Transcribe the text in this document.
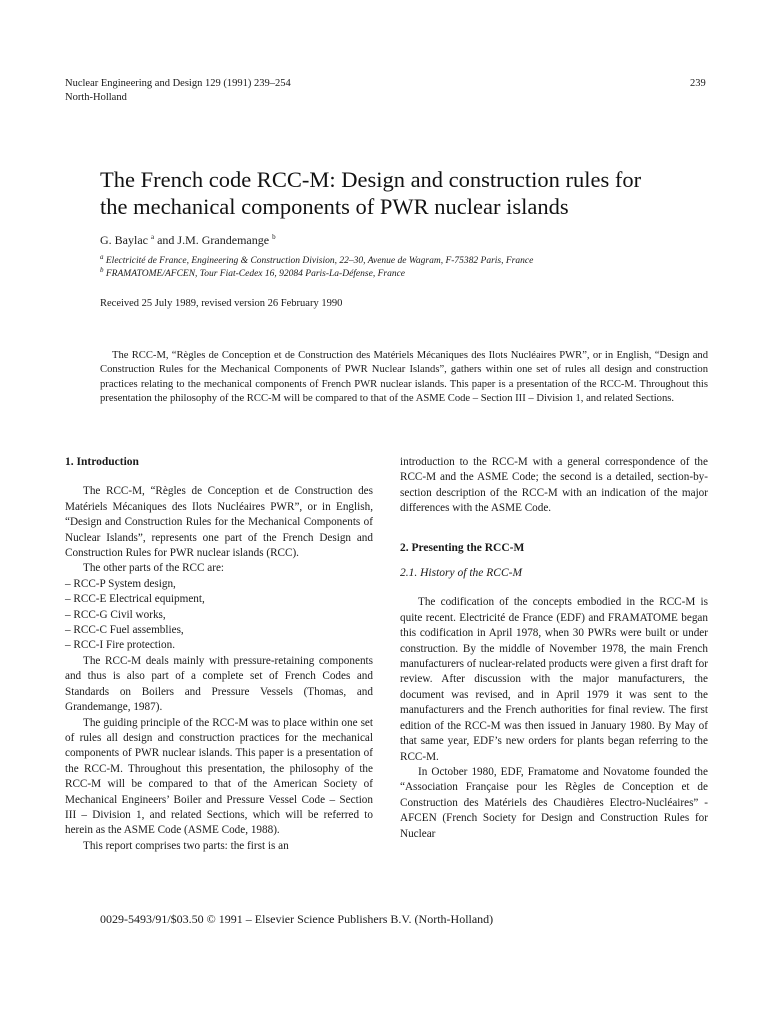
Nuclear Engineering and Design 129 (1991) 239–254
North-Holland
239
The French code RCC-M: Design and construction rules for the mechanical components of PWR nuclear islands
G. Baylac $^a$ and J.M. Grandemange $^b$
$^a$ Electricité de France, Engineering & Construction Division, 22–30, Avenue de Wagram, F-75382 Paris, France
$^b$ FRAMATOME/AFCEN, Tour Fiat-Cedex 16, 92084 Paris-La-Défense, France
Received 25 July 1989, revised version 26 February 1990
The RCC-M, “Règles de Conception et de Construction des Matériels Mécaniques des Ilots Nucléaires PWR”, or in English, “Design and Construction Rules for the Mechanical Components of PWR Nuclear Islands”, gathers within one set of rules all design and construction practices relating to the mechanical components of French PWR nuclear islands. This paper is a presentation of the RCC-M. Throughout this presentation the philosophy of the RCC-M will be compared to that of the ASME Code – Section III – Division 1, and related Sections.
1. Introduction

The RCC-M, “Règles de Conception et de Construction des Matériels Mécaniques des Ilots Nucléaires PWR”, or in English, “Design and Construction Rules for the Mechanical Components of Nuclear Islands”, represents one part of the French Design and Construction Rules for PWR nuclear islands (RCC).

The other parts of the RCC are:

– RCC-P System design,
– RCC-E Electrical equipment,
– RCC-G Civil works,
– RCC-C Fuel assemblies,
– RCC-I Fire protection.

The RCC-M deals mainly with pressure-retaining components and thus is also part of a complete set of French Codes and Standards on Boilers and Pressure Vessels (Thomas, and Grandemange, 1987).

The guiding principle of the RCC-M was to place within one set of rules all design and construction practices for the mechanical components of PWR nuclear islands. This paper is a presentation of the RCC-M. Throughout this presentation, the philosophy of the RCC-M will be compared to that of the American Society of Mechanical Engineers’ Boiler and Pressure Vessel Code – Section III – Division 1, and related Sections, which will be referred to herein as the ASME Code (ASME Code, 1988).

This report comprises two parts: the first is an

introduction to the RCC-M with a general correspondence of the RCC-M and the ASME Code; the second is a detailed, section-by-section description of the RCC-M with an indication of the major differences with the ASME Code.

2. Presenting the RCC-M
2.1. History of the RCC-M

The codification of the concepts embodied in the RCC-M is quite recent. Electricité de France (EDF) and FRAMATOME began this codification in April 1978, when 30 PWRs were built or under construction. By the middle of November 1978, the main French manufacturers of nuclear-related products were given a first draft for review. After discussion with the major manufacturers, the document was revised, and in April 1979 it was sent to the manufacturers and the French authorities for final review. The first edition of the RCC-M was then issued in January 1980. By May of that same year, EDF’s new orders for plants began referring to the RCC-M.

In October 1980, EDF, Framatome and Novatome founded the “Association Française pour les Règles de Conception et de Construction des Matériels des Chaudières Electro-Nucléaires” - AFCEN (French Society for Design and Construction Rules for Nuclear

0029-5493/91/$03.50 © 1991 – Elsevier Science Publishers B.V. (North-Holland)
